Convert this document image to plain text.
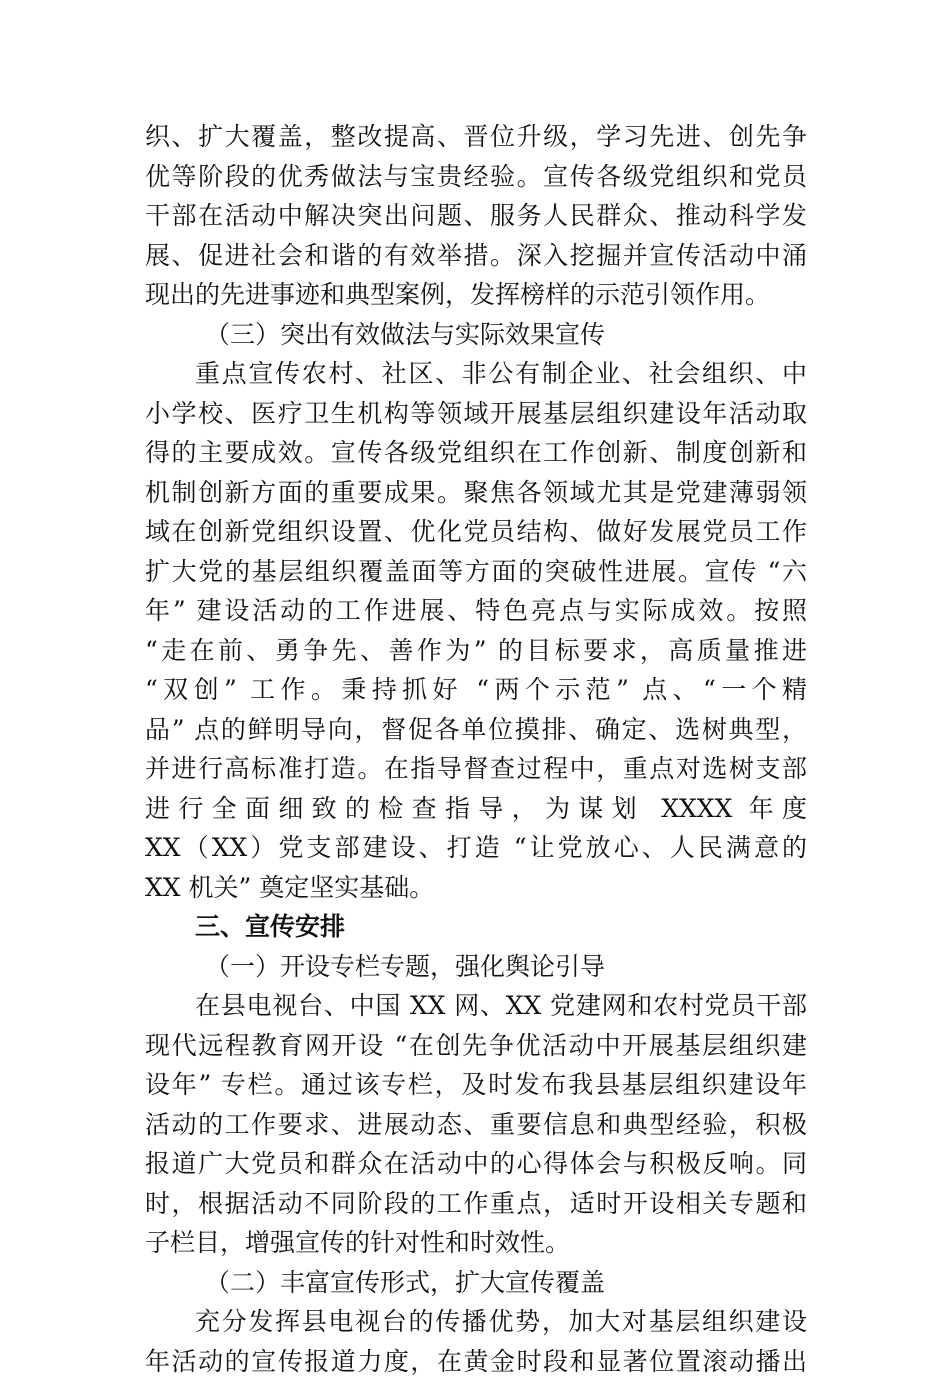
织、扩大覆盖，整改提高、晋位升级，学习先进、创先争
优等阶段的优秀做法与宝贵经验。宣传各级党组织和党员
干部在活动中解决突出问题、服务人民群众、推动科学发
展、促进社会和谐的有效举措。深入挖掘并宣传活动中涌
现出的先进事迹和典型案例，发挥榜样的示范引领作用。
（三）突出有效做法与实际效果宣传
重点宣传农村、社区、非公有制企业、社会组织、中
小学校、医疗卫生机构等领域开展基层组织建设年活动取
得的主要成效。宣传各级党组织在工作创新、制度创新和
机制创新方面的重要成果。聚焦各领域尤其是党建薄弱领
域在创新党组织设置、优化党员结构、做好发展党员工作
扩大党的基层组织覆盖面等方面的突破性进展。宣传 “六
年” 建设活动的工作进展、特色亮点与实际成效。按照
“走在前、勇争先、善作为” 的目标要求，高质量推进
“双创” 工作。秉持抓好 “两个示范” 点、“一个精
品” 点的鲜明导向，督促各单位摸排、确定、选树典型，
并进行高标准打造。在指导督查过程中，重点对选树支部
进行全面细致的检查指导，为谋划 XXXX 年度
XX（XX）党支部建设、打造 “让党放心、人民满意的
XX 机关” 奠定坚实基础。
三、宣传安排
（一）开设专栏专题，强化舆论引导
在县电视台、中国 XX 网、XX 党建网和农村党员干部
现代远程教育网开设 “在创先争优活动中开展基层组织建
设年” 专栏。通过该专栏，及时发布我县基层组织建设年
活动的工作要求、进展动态、重要信息和典型经验，积极
报道广大党员和群众在活动中的心得体会与积极反响。同
时，根据活动不同阶段的工作重点，适时开设相关专题和
子栏目，增强宣传的针对性和时效性。
（二）丰富宣传形式，扩大宣传覆盖
充分发挥县电视台的传播优势，加大对基层组织建设
年活动的宣传报道力度，在黄金时段和显著位置滚动播出
